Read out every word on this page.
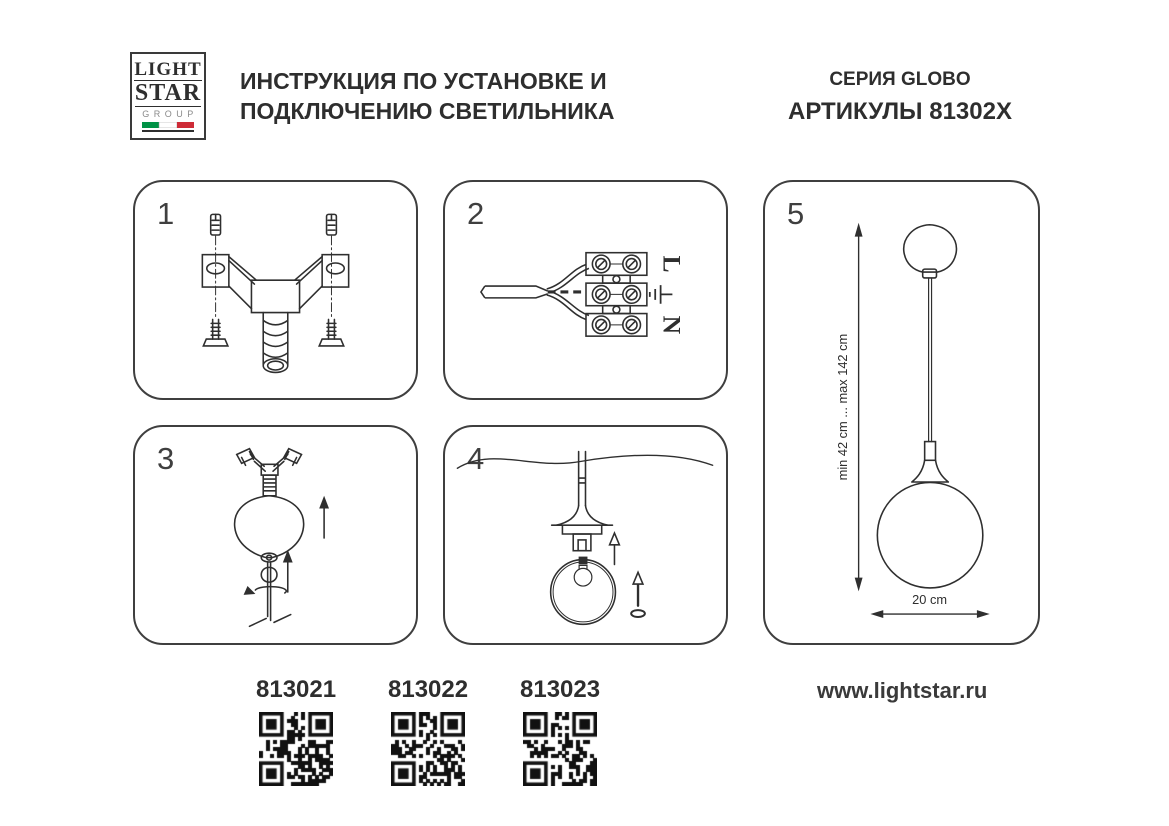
LIGHT
STAR
GROUP
ИНСТРУКЦИЯ ПО УСТАНОВКЕ И
ПОДКЛЮЧЕНИЮ СВЕТИЛЬНИКА
СЕРИЯ GLOBO
АРТИКУЛЫ 81302X
1	2
L
N
3	4
5
min 42 cm ... max 142 cm
20 cm
813021 813022 813023	www.lightstar.ru
